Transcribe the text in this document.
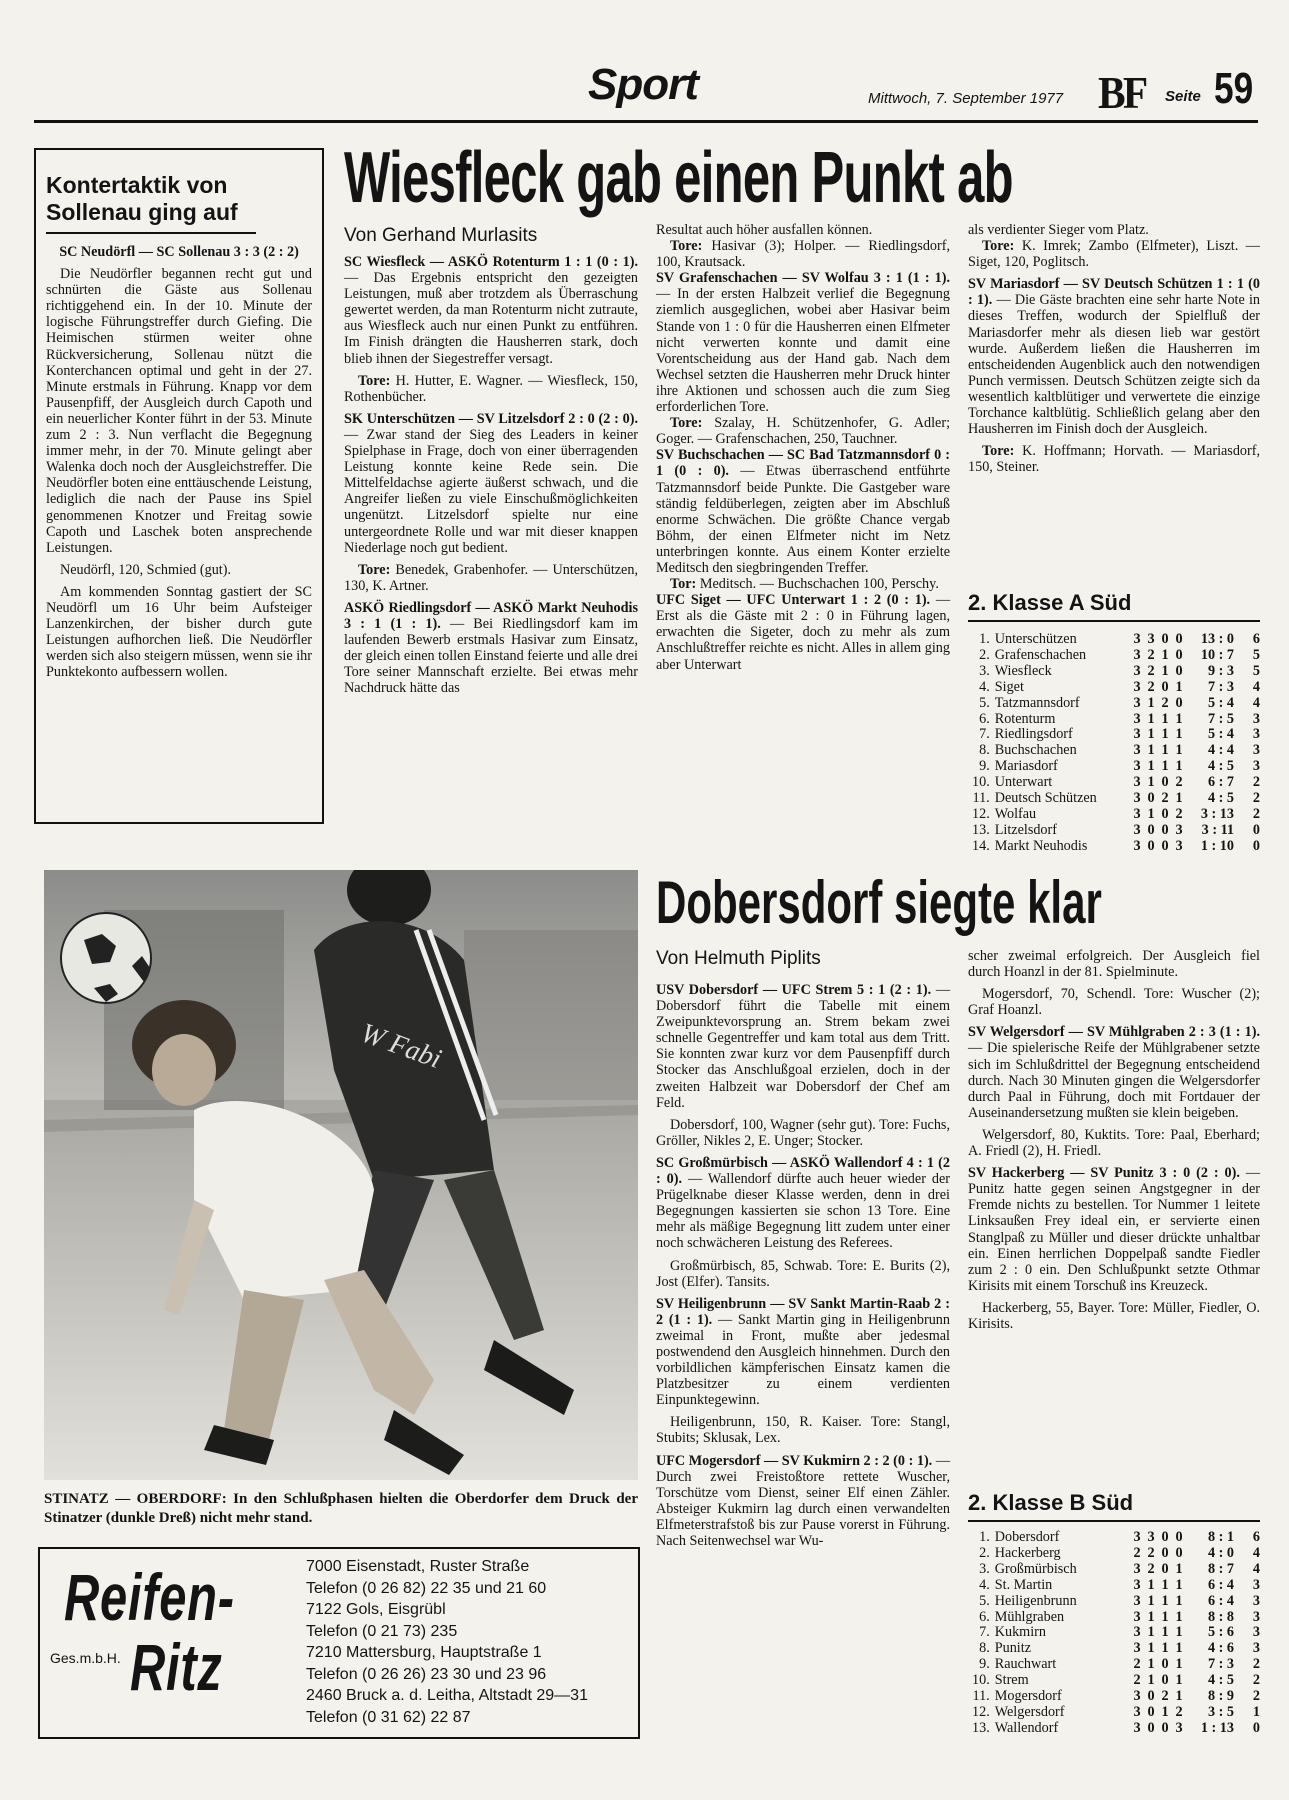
Sport	Mittwoch, 7. September 1977 BF Seite 59
Kontertaktik von
Sollenau ging auf

SC Neudörfl — SC Sollenau 3 : 3 (2 : 2)

Die Neudörfler begannen recht gut und schnürten die Gäste aus Sollenau richtiggehend ein. In der 10. Minute der logische Führungstreffer durch Giefing. Die Heimischen stürmen weiter ohne Rückversicherung, Sollenau nützt die Konterchancen optimal und geht in der 27. Minute erstmals in Führung. Knapp vor dem Pausenpfiff, der Ausgleich durch Capoth und ein neuerlicher Konter führt in der 53. Minute zum 2 : 3. Nun verflacht die Begegnung immer mehr, in der 70. Minute gelingt aber Walenka doch noch der Ausgleichstreffer. Die Neudörfler boten eine enttäuschende Leistung, lediglich die nach der Pause ins Spiel genommenen Knotzer und Freitag sowie Capoth und Laschek boten ansprechende Leistungen.

Neudörfl, 120, Schmied (gut).

Am kommenden Sonntag gastiert der SC Neudörfl um 16 Uhr beim Aufsteiger Lanzenkirchen, der bisher durch gute Leistungen aufhorchen ließ. Die Neudörfler werden sich also steigern müssen, wenn sie ihr Punktekonto aufbessern wollen.

Wiesfleck gab einen Punkt ab
Von Gerhand Murlasits

SC Wiesfleck — ASKÖ Rotenturm 1 : 1 (0 : 1). — Das Ergebnis entspricht den gezeigten Leistungen, muß aber trotzdem als Überraschung gewertet werden, da man Rotenturm nicht zutraute, aus Wiesfleck auch nur einen Punkt zu entführen. Im Finish drängten die Hausherren stark, doch blieb ihnen der Siegestreffer versagt.

Tore: H. Hutter, E. Wagner. — Wiesfleck, 150, Rothenbücher.

SK Unterschützen — SV Litzelsdorf 2 : 0 (2 : 0). — Zwar stand der Sieg des Leaders in keiner Spielphase in Frage, doch von einer überragenden Leistung konnte keine Rede sein. Die Mittelfeldachse agierte äußerst schwach, und die Angreifer ließen zu viele Einschußmöglichkeiten ungenützt. Litzelsdorf spielte nur eine untergeordnete Rolle und war mit dieser knappen Niederlage noch gut bedient.

Tore: Benedek, Grabenhofer. — Unterschützen, 130, K. Artner.

ASKÖ Riedlingsdorf — ASKÖ Markt Neuhodis 3 : 1 (1 : 1). — Bei Riedlingsdorf kam im laufenden Bewerb erstmals Hasivar zum Einsatz, der gleich einen tollen Einstand feierte und alle drei Tore seiner Mannschaft erzielte. Bei etwas mehr Nachdruck hätte das

Resultat auch höher ausfallen können.

Tore: Hasivar (3); Holper. — Riedlingsdorf, 100, Krautsack.

SV Grafenschachen — SV Wolfau 3 : 1 (1 : 1). — In der ersten Halbzeit verlief die Begegnung ziemlich ausgeglichen, wobei aber Hasivar beim Stande von 1 : 0 für die Hausherren einen Elfmeter nicht verwerten konnte und damit eine Vorentscheidung aus der Hand gab. Nach dem Wechsel setzten die Hausherren mehr Druck hinter ihre Aktionen und schossen auch die zum Sieg erforderlichen Tore.

Tore: Szalay, H. Schützenhofer, G. Adler; Goger. — Grafenschachen, 250, Tauchner.

SV Buchschachen — SC Bad Tatzmannsdorf 0 : 1 (0 : 0). — Etwas überraschend entführte Tatzmannsdorf beide Punkte. Die Gastgeber ware ständig feldüberlegen, zeigten aber im Abschluß enorme Schwächen. Die größte Chance vergab Böhm, der einen Elfmeter nicht im Netz unterbringen konnte. Aus einem Konter erzielte Meditsch den siegbringenden Treffer.

Tor: Meditsch. — Buchschachen 100, Perschy.

UFC Siget — UFC Unterwart 1 : 2 (0 : 1). — Erst als die Gäste mit 2 : 0 in Führung lagen, erwachten die Sigeter, doch zu mehr als zum Anschlußtreffer reichte es nicht. Alles in allem ging aber Unterwart

als verdienter Sieger vom Platz.

Tore: K. Imrek; Zambo (Elfmeter), Liszt. — Siget, 120, Poglitsch.

SV Mariasdorf — SV Deutsch Schützen 1 : 1 (0 : 1). — Die Gäste brachten eine sehr harte Note in dieses Treffen, wodurch der Spielfluß der Mariasdorfer mehr als diesen lieb war gestört wurde. Außerdem ließen die Hausherren im entscheidenden Augenblick auch den notwendigen Punch vermissen. Deutsch Schützen zeigte sich da wesentlich kaltblütiger und verwertete die einzige Torchance kaltblütig. Schließlich gelang aber den Hausherren im Finish doch der Ausgleich.

Tore: K. Hoffmann; Horvath. — Mariasdorf, 150, Steiner.

2. Klasse A Süd
1.	Unterschützen	3	3	0	0	13 : 0	6
2.	Grafenschachen	3	2	1	0	10 : 7	5
3.	Wiesfleck	3	2	1	0	9 : 3	5
4.	Siget	3	2	0	1	7 : 3	4
5.	Tatzmannsdorf	3	1	2	0	5 : 4	4
6.	Rotenturm	3	1	1	1	7 : 5	3
7.	Riedlingsdorf	3	1	1	1	5 : 4	3
8.	Buchschachen	3	1	1	1	4 : 4	3
9.	Mariasdorf	3	1	1	1	4 : 5	3
10.	Unterwart	3	1	0	2	6 : 7	2
11.	Deutsch Schützen	3	0	2	1	4 : 5	2
12.	Wolfau	3	1	0	2	3 : 13	2
13.	Litzelsdorf	3	0	0	3	3 : 11	0
14.	Markt Neuhodis	3	0	0	3	1 : 10	0
W Fabi
STINATZ — OBERDORF: In den Schlußphasen hielten die Oberdorfer dem Druck der Stinatzer (dunkle Dreß) nicht mehr stand.
Reifen-
Ges.m.b.H. Ritz
7000 Eisenstadt, Ruster Straße
Telefon (0 26 82) 22 35 und 21 60
7122 Gols, Eisgrübl
Telefon (0 21 73) 235
7210 Mattersburg, Hauptstraße 1
Telefon (0 26 26) 23 30 und 23 96
2460 Bruck a. d. Leitha, Altstadt 29—31
Telefon (0 31 62) 22 87
Dobersdorf siegte klar
Von Helmuth Piplits

USV Dobersdorf — UFC Strem 5 : 1 (2 : 1). — Dobersdorf führt die Tabelle mit einem Zweipunktevorsprung an. Strem bekam zwei schnelle Gegentreffer und kam total aus dem Tritt. Sie konnten zwar kurz vor dem Pausenpfiff durch Stocker das Anschlußgoal erzielen, doch in der zweiten Halbzeit war Dobersdorf der Chef am Feld.

Dobersdorf, 100, Wagner (sehr gut). Tore: Fuchs, Gröller, Nikles 2, E. Unger; Stocker.

SC Großmürbisch — ASKÖ Wallendorf 4 : 1 (2 : 0). — Wallendorf dürfte auch heuer wieder der Prügelknabe dieser Klasse werden, denn in drei Begegnungen kassierten sie schon 13 Tore. Eine mehr als mäßige Begegnung litt zudem unter einer noch schwächeren Leistung des Referees.

Großmürbisch, 85, Schwab. Tore: E. Burits (2), Jost (Elfer). Tansits.

SV Heiligenbrunn — SV Sankt Martin-Raab 2 : 2 (1 : 1). — Sankt Martin ging in Heiligenbrunn zweimal in Front, mußte aber jedesmal postwendend den Ausgleich hinnehmen. Durch den vorbildlichen kämpferischen Einsatz kamen die Platzbesitzer zu einem verdienten Einpunktegewinn.

Heiligenbrunn, 150, R. Kaiser. Tore: Stangl, Stubits; Sklusak, Lex.

UFC Mogersdorf — SV Kukmirn 2 : 2 (0 : 1). — Durch zwei Freistoßtore rettete Wuscher, Torschütze vom Dienst, seiner Elf einen Zähler. Absteiger Kukmirn lag durch einen verwandelten Elfmeterstrafstoß bis zur Pause vorerst in Führung. Nach Seitenwechsel war Wu-

scher zweimal erfolgreich. Der Ausgleich fiel durch Hoanzl in der 81. Spielminute.

Mogersdorf, 70, Schendl. Tore: Wuscher (2); Graf Hoanzl.

SV Welgersdorf — SV Mühlgraben 2 : 3 (1 : 1). — Die spielerische Reife der Mühlgrabener setzte sich im Schlußdrittel der Begegnung entscheidend durch. Nach 30 Minuten gingen die Welgersdorfer durch Paal in Führung, doch mit Fortdauer der Auseinandersetzung mußten sie klein beigeben.

Welgersdorf, 80, Kuktits. Tore: Paal, Eberhard; A. Friedl (2), H. Friedl.

SV Hackerberg — SV Punitz 3 : 0 (2 : 0). — Punitz hatte gegen seinen Angstgegner in der Fremde nichts zu bestellen. Tor Nummer 1 leitete Linksaußen Frey ideal ein, er servierte einen Stanglpaß zu Müller und dieser drückte unhaltbar ein. Einen herrlichen Doppelpaß sandte Fiedler zum 2 : 0 ein. Den Schlußpunkt setzte Othmar Kirisits mit einem Torschuß ins Kreuzeck.

Hackerberg, 55, Bayer. Tore: Müller, Fiedler, O. Kirisits.

2. Klasse B Süd
1.	Dobersdorf	3	3	0	0	8 : 1	6
2.	Hackerberg	2	2	0	0	4 : 0	4
3.	Großmürbisch	3	2	0	1	8 : 7	4
4.	St. Martin	3	1	1	1	6 : 4	3
5.	Heiligenbrunn	3	1	1	1	6 : 4	3
6.	Mühlgraben	3	1	1	1	8 : 8	3
7.	Kukmirn	3	1	1	1	5 : 6	3
8.	Punitz	3	1	1	1	4 : 6	3
9.	Rauchwart	2	1	0	1	7 : 3	2
10.	Strem	2	1	0	1	4 : 5	2
11.	Mogersdorf	3	0	2	1	8 : 9	2
12.	Welgersdorf	3	0	1	2	3 : 5	1
13.	Wallendorf	3	0	0	3	1 : 13	0
